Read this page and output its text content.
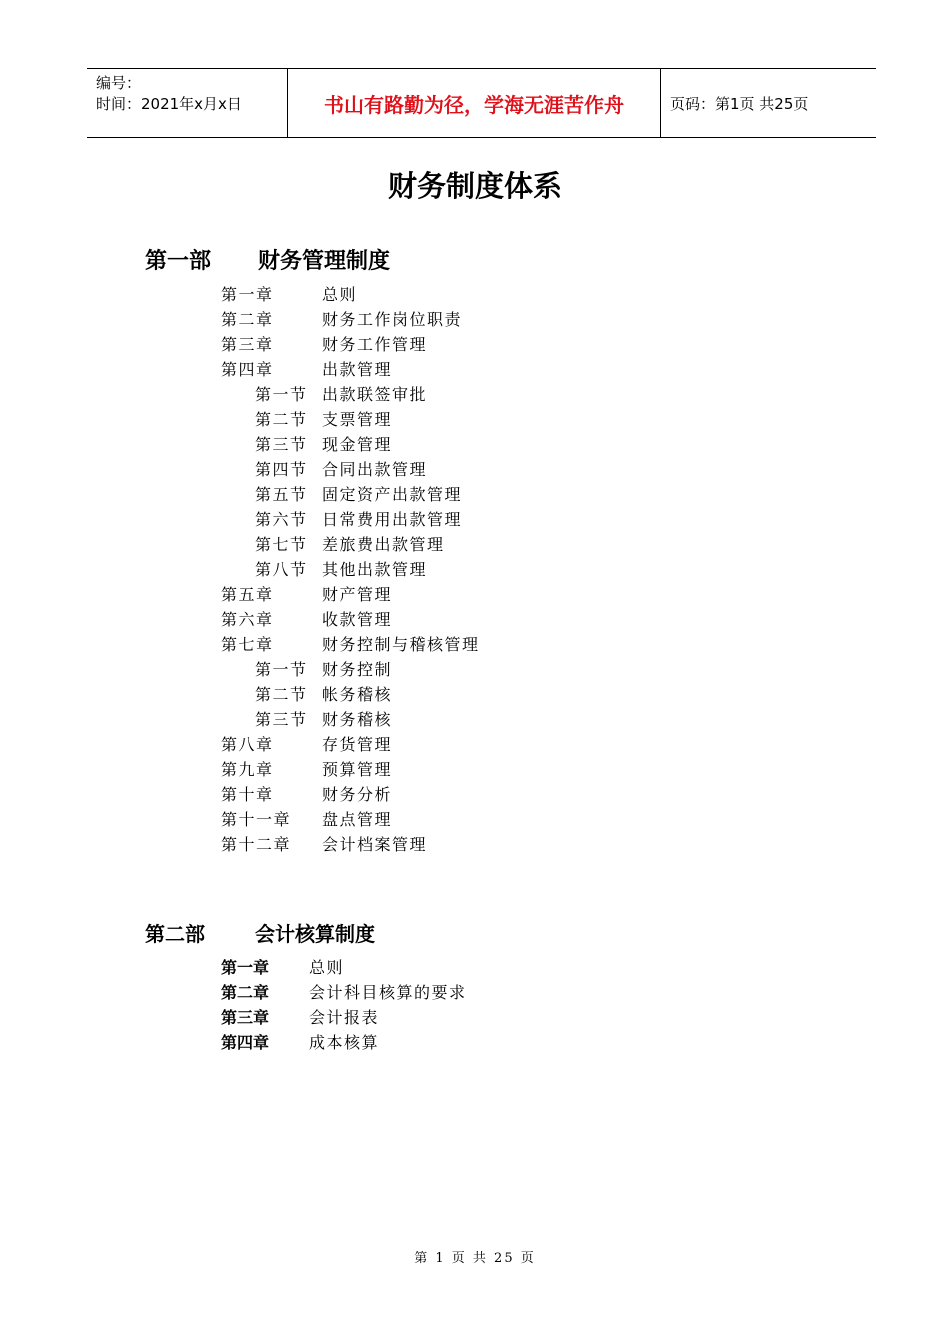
编号：
时间：2021年x月x日	书山有路勤为径，学海无涯苦作舟	页码：第1页 共25页
财务制度体系
第一部 财务管理制度
第一章	总则
第二章	财务工作岗位职责
第三章	财务工作管理
第四章	出款管理
第一节 出款联签审批
第二节 支票管理
第三节 现金管理
第四节 合同出款管理
第五节 固定资产出款管理
第六节 日常费用出款管理
第七节 差旅费出款管理
第八节 其他出款管理
第五章	财产管理
第六章	收款管理
第七章	财务控制与稽核管理
第一节 财务控制
第二节 帐务稽核
第三节 财务稽核
第八章	存货管理
第九章	预算管理
第十章	财务分析
第十一章 盘点管理
第十二章 会计档案管理
第二部	会计核算制度
第一章 总则
第二章 会计科目核算的要求
第三章 会计报表
第四章 成本核算
第 1 页 共 25 页
